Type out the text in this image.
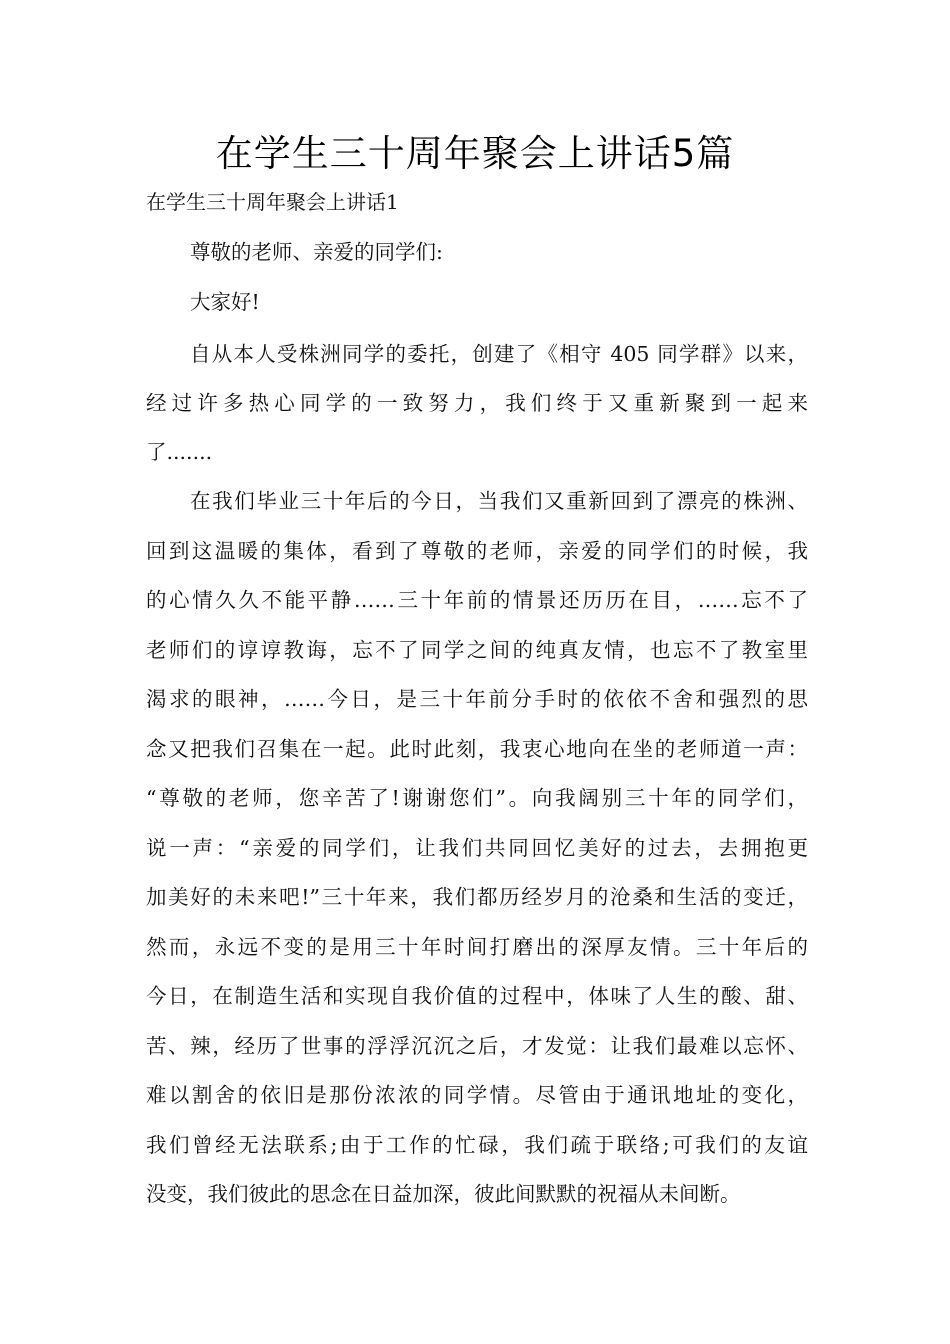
在学生三十周年聚会上讲话5篇

在学生三十周年聚会上讲话1

尊敬的老师、亲爱的同学们:

大家好!

自从本人受株洲同学的委托，创建了《相守 405 同学群》以来，

经过许多热心同学的一致努力，我们终于又重新聚到一起来

了.......

在我们毕业三十年后的今日，当我们又重新回到了漂亮的株洲、

回到这温暖的集体，看到了尊敬的老师，亲爱的同学们的时候，我

的心情久久不能平静……三十年前的情景还历历在目，……忘不了

老师们的谆谆教诲，忘不了同学之间的纯真友情，也忘不了教室里

渴求的眼神，……今日，是三十年前分手时的依依不舍和强烈的思

念又把我们召集在一起。此时此刻，我衷心地向在坐的老师道一声：

“尊敬的老师，您辛苦了!谢谢您们”。向我阔别三十年的同学们，

说一声：“亲爱的同学们，让我们共同回忆美好的过去，去拥抱更

加美好的未来吧!”三十年来，我们都历经岁月的沧桑和生活的变迁，

然而，永远不变的是用三十年时间打磨出的深厚友情。三十年后的

今日，在制造生活和实现自我价值的过程中，体味了人生的酸、甜、

苦、辣，经历了世事的浮浮沉沉之后，才发觉：让我们最难以忘怀、

难以割舍的依旧是那份浓浓的同学情。尽管由于通讯地址的变化，

我们曾经无法联系;由于工作的忙碌，我们疏于联络;可我们的友谊

没变，我们彼此的思念在日益加深，彼此间默默的祝福从未间断。
